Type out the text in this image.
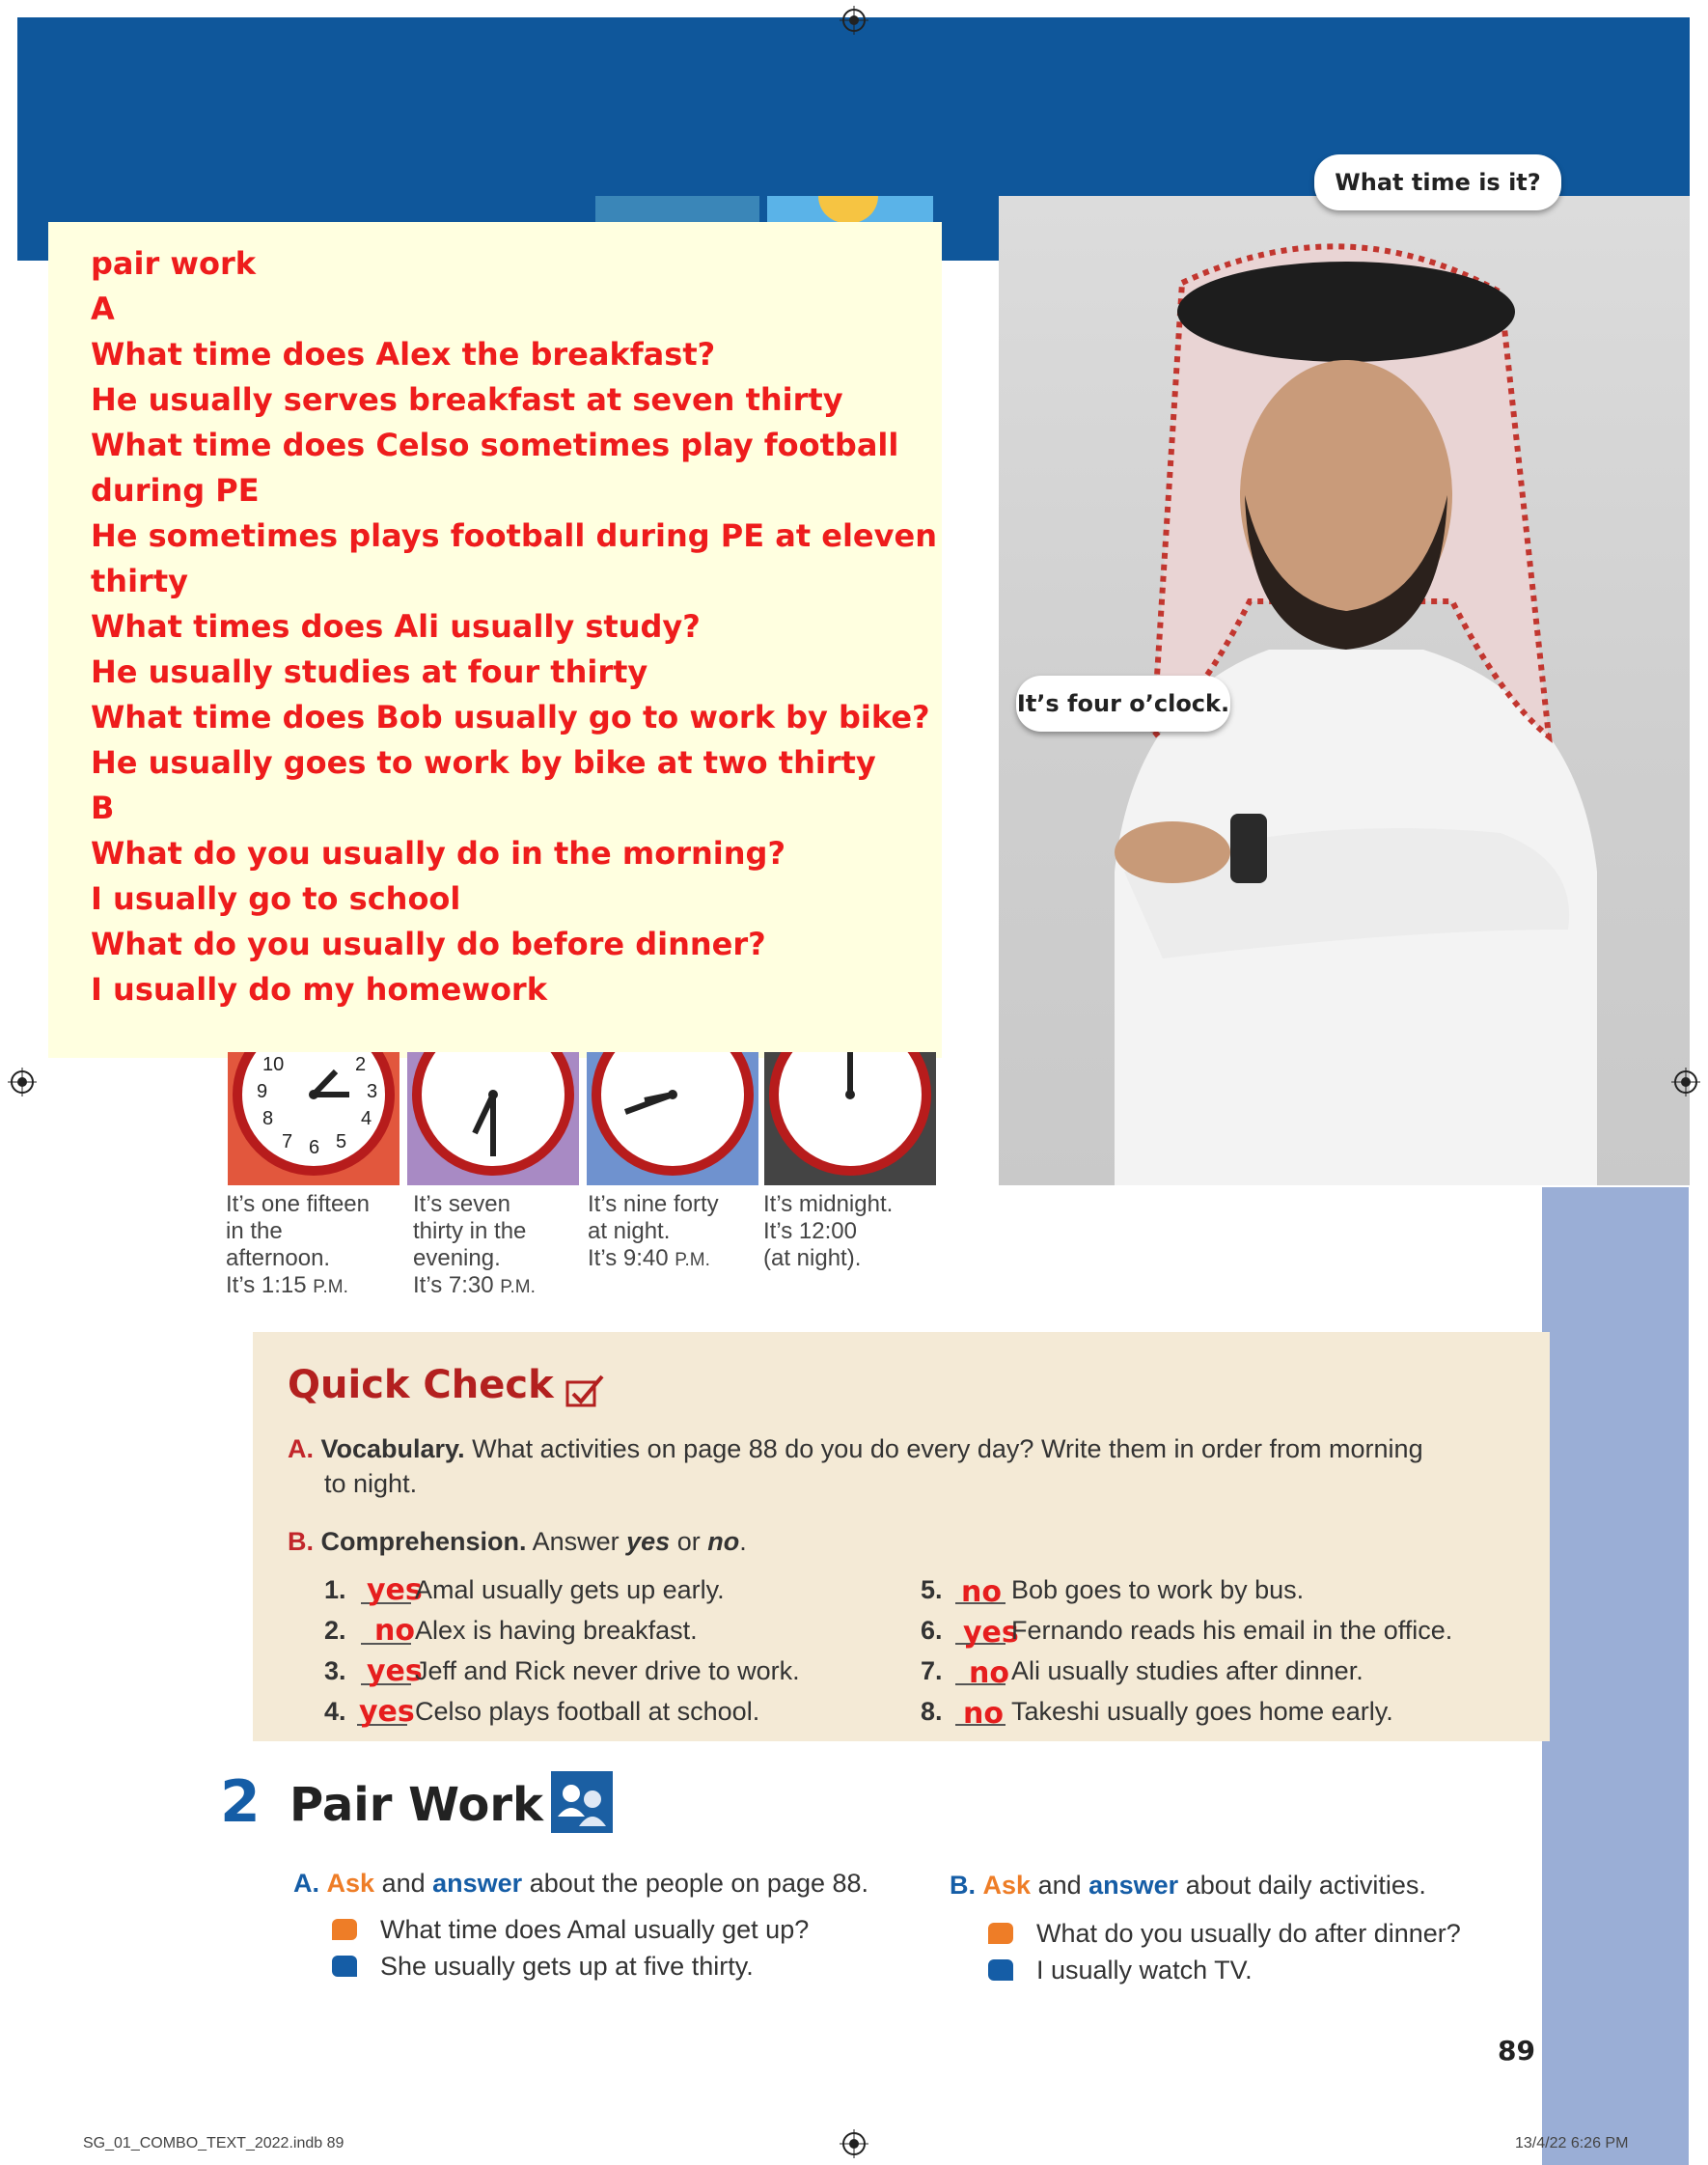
What time is it?
It’s four o’clock.
pair work
A
What time does Alex the breakfast?
He usually serves breakfast at seven thirty
What time does Celso sometimes play football
during PE
He sometimes plays football during PE at eleven
thirty
What times does Ali usually study?
He usually studies at four thirty
What time does Bob usually go to work by bike?
He usually goes to work by bike at two thirty
B
What do you usually do in the morning?
I usually go to school
What do you usually do before dinner?
I usually do my homework
10	2
9	3
8	4
7 6 5
It’s one fifteen
in the
afternoon.
It’s 1:15 P.M.
It’s seven
thirty in the
evening.
It’s 7:30 P.M.
It’s nine forty
at night.
It’s 9:40 P.M.
It’s midnight.
It’s 12:00
(at night).
Quick Check
A. Vocabulary. What activities on page 88 do you do every day? Write them in order from morning
to night.
B. Comprehension. Answer yes or no.
1. yes
Amal usually gets up early.
2. no Alex is having breakfast.
3. yes
Jeff and Rick never drive to work.
4. yes Celso plays football at school.
5. no Bob goes to work by bus.
6. yes
Fernando reads his email in the office.
7. no Ali usually studies after dinner.
8. no Takeshi usually goes home early.
2 Pair Work
A. Ask and answer about the people on page 88.
What time does Amal usually get up?
She usually gets up at five thirty.
B. Ask and answer about daily activities.
What do you usually do after dinner?
I usually watch TV.
89
SG_01_COMBO_TEXT_2022.indb 89	13/4/22 6:26 PM
